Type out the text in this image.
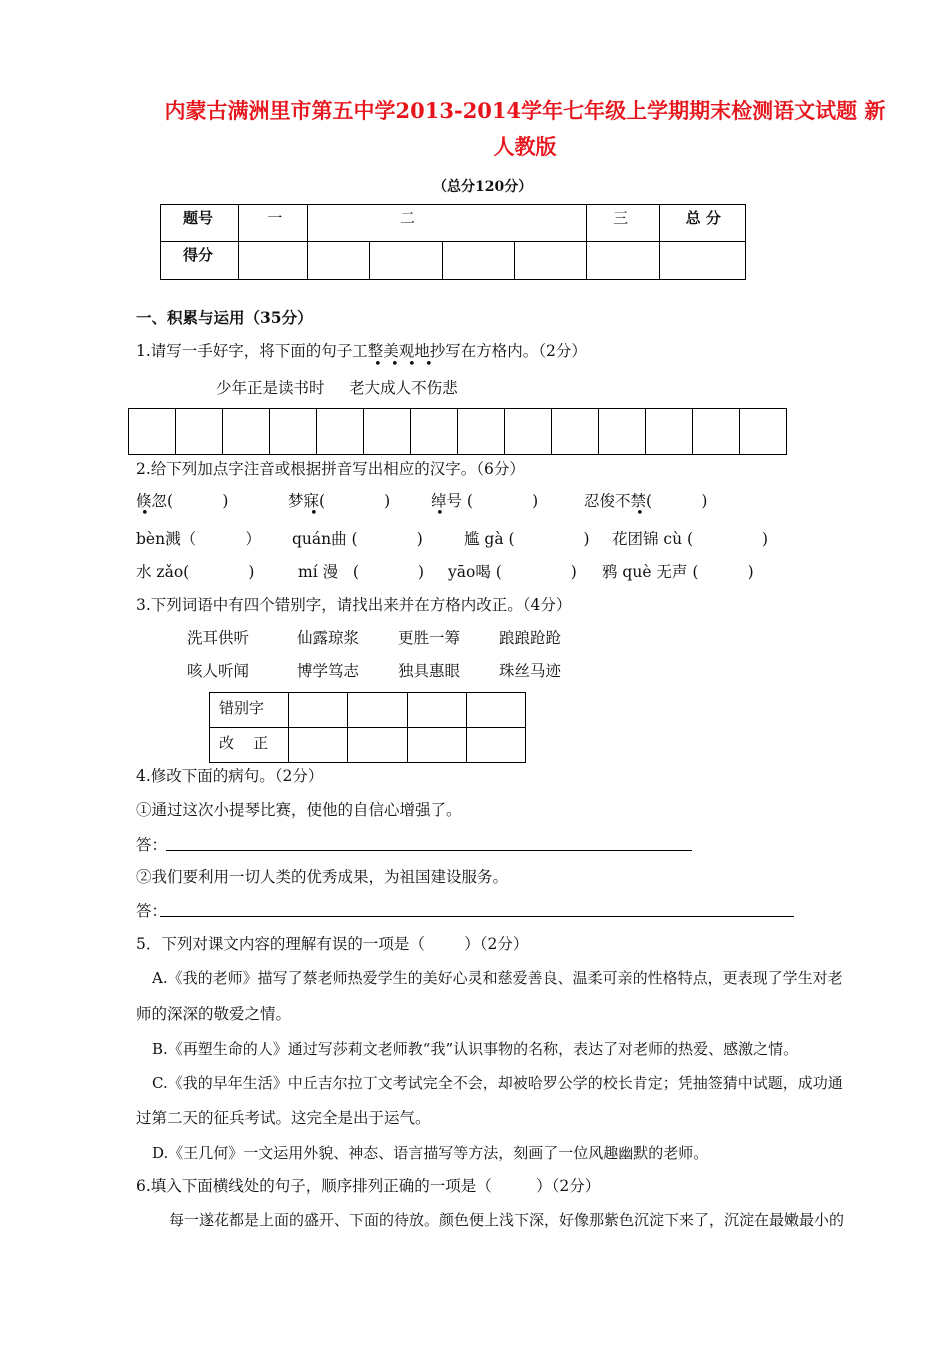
内蒙古满洲里市第五中学2013-2014学年七年级上学期期末检测语文试题 新
人教版
（总分120分）
题号	一	二				三	总 分

得分							

一、积累与运用（35分）
1.请写一手好字，将下面的句子工整美观地抄写在方格内。（2分）
• • • •
少年正是读书时     老大成人不伤悲

2.给下列加点字注音或根据拼音写出相应的汉字。（6分）
倏忽(          )	梦寐(            )	绰号 (            )	忍俊不禁(          )
•	•	•	•
bèn溅（          ） quán曲 (            )	尴 gà (              ) 花团锦 cù (              )
水 zǎo(            )	mí 漫   (            ) yāo喝 (              ) 鸦 què 无声 (          )
3.下列词语中有四个错别字，请找出来并在方格内改正。（4分）
洗耳供听	仙露琼浆	更胜一筹	踉踉跄跄
咳人听闻	博学笃志	独具惠眼	珠丝马迹
错别字				

改    正				

4.修改下面的病句。（2分）
①通过这次小提琴比赛，使他的自信心增强了。
答：
②我们要利用一切人类的优秀成果，为祖国建设服务。
答：
5．下列对课文内容的理解有误的一项是（        ）（2分）
A.《我的老师》描写了蔡老师热爱学生的美好心灵和慈爱善良、温柔可亲的性格特点，更表现了学生对老
师的深深的敬爱之情。
B.《再塑生命的人》通过写莎莉文老师教“我”认识事物的名称，表达了对老师的热爱、感激之情。
C.《我的早年生活》中丘吉尔拉丁文考试完全不会，却被哈罗公学的校长肯定；凭抽签猜中试题，成功通
过第二天的征兵考试。这完全是出于运气。
D.《王几何》一文运用外貌、神态、语言描写等方法，刻画了一位风趣幽默的老师。
6.填入下面横线处的句子，顺序排列正确的一项是（         ）（2分）
每一遂花都是上面的盛开、下面的待放。颜色便上浅下深，好像那紫色沉淀下来了，沉淀在最嫩最小的
